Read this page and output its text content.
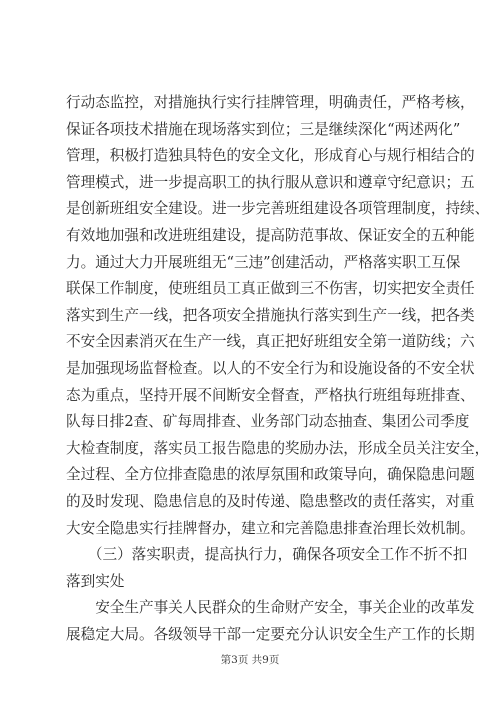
行动态监控，对措施执行实行挂牌管理，明确责任，严格考核，
保证各项技术措施在现场落实到位；三是继续深化“两述两化”
管理，积极打造独具特色的安全文化，形成育心与规行相结合的
管理模式，进一步提高职工的执行服从意识和遵章守纪意识；五
是创新班组安全建设。进一步完善班组建设各项管理制度，持续、
有效地加强和改进班组建设，提高防范事故、保证安全的五种能
力。通过大力开展班组无“三违”创建活动，严格落实职工互保
联保工作制度，使班组员工真正做到三不伤害，切实把安全责任
落实到生产一线，把各项安全措施执行落实到生产一线，把各类
不安全因素消灭在生产一线，真正把好班组安全第一道防线；六
是加强现场监督检查。以人的不安全行为和设施设备的不安全状
态为重点，坚持开展不间断安全督查，严格执行班组每班排查、
队每日排2查、矿每周排查、业务部门动态抽查、集团公司季度
大检查制度，落实员工报告隐患的奖励办法，形成全员关注安全，
全过程、全方位排查隐患的浓厚氛围和政策导向，确保隐患问题
的及时发现、隐患信息的及时传递、隐患整改的责任落实，对重
大安全隐患实行挂牌督办，建立和完善隐患排查治理长效机制。
　　（三）落实职责，提高执行力，确保各项安全工作不折不扣
落到实处
　　安全生产事关人民群众的生命财产安全，事关企业的改革发
展稳定大局。各级领导干部一定要充分认识安全生产工作的长期
第3页 共9页
